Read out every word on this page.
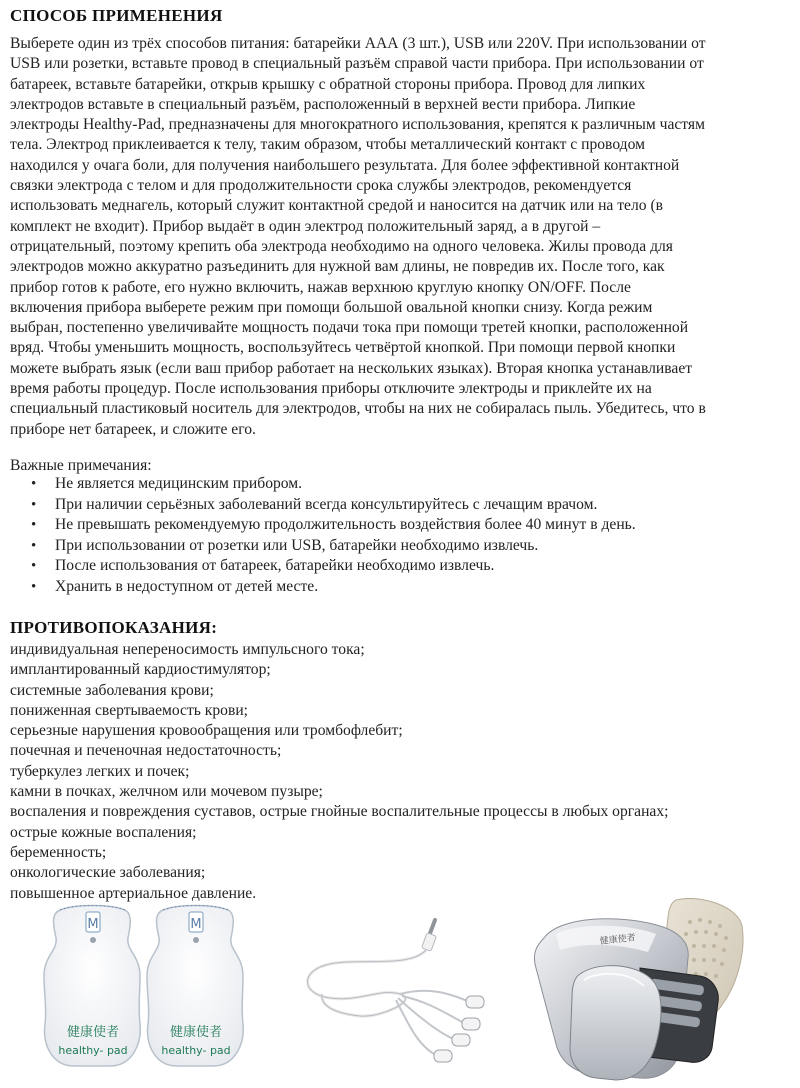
СПОСОБ ПРИМЕНЕНИЯ
Выберете один из трёх способов питания: батарейки ААА (3 шт.), USB или 220V. При использовании от
USB или розетки, вставьте провод в специальный разъём справой части прибора. При использовании от
батареек, вставьте батарейки, открыв крышку с обратной стороны прибора. Провод для липких
электродов вставьте в специальный разъём, расположенный в верхней вести прибора. Липкие
электроды Healthy-Pad, предназначены для многократного использования, крепятся к различным частям
тела. Электрод приклеивается к телу, таким образом, чтобы металлический контакт с проводом
находился у очага боли, для получения наибольшего результата. Для более эффективной контактной
связки электрода с телом и для продолжительности срока службы электродов, рекомендуется
использовать меднагель, который служит контактной средой и наносится на датчик или на тело (в
комплект не входит). Прибор выдаёт в один электрод положительный заряд, а в другой –
отрицательный, поэтому крепить оба электрода необходимо на одного человека. Жилы провода для
электродов можно аккуратно разъединить для нужной вам длины, не повредив их. После того, как
прибор готов к работе, его нужно включить, нажав верхнюю круглую кнопку ON/OFF. После
включения прибора выберете режим при помощи большой овальной кнопки снизу. Когда режим
выбран, постепенно увеличивайте мощность подачи тока при помощи третей кнопки, расположенной
вряд. Чтобы уменьшить мощность, воспользуйтесь четвёртой кнопкой. При помощи первой кнопки
можете выбрать язык (если ваш прибор работает на нескольких языках). Вторая кнопка устанавливает
время работы процедур. После использования приборы отключите электроды и приклейте их на
специальный пластиковый носитель для электродов, чтобы на них не собиралась пыль. Убедитесь, что в
приборе нет батареек, и сложите его.
Важные примечания:
• Не является медицинским прибором.
• При наличии серьёзных заболеваний всегда консультируйтесь с лечащим врачом.
• Не превышать рекомендуемую продолжительность воздействия более 40 минут в день.
• При использовании от розетки или USB, батарейки необходимо извлечь.
• После использования от батареек, батарейки необходимо извлечь.
• Хранить в недоступном от детей месте.
ПРОТИВОПОКАЗАНИЯ:
индивидуальная непереносимость импульсного тока;
имплантированный кардиостимулятор;
системные заболевания крови;
пониженная свертываемость крови;
серьезные нарушения кровообращения или тромбофлебит;
почечная и печеночная недостаточность;
туберкулез легких и почек;
камни в почках, желчном или мочевом пузыре;
воспаления и повреждения суставов, острые гнойные воспалительные процессы в любых органах;
острые кожные воспаления;
беременность;
онкологические заболевания;
повышенное артериальное давление.
M
健康使者
healthy- pad
M
健康使者
healthy- pad
健康使者
